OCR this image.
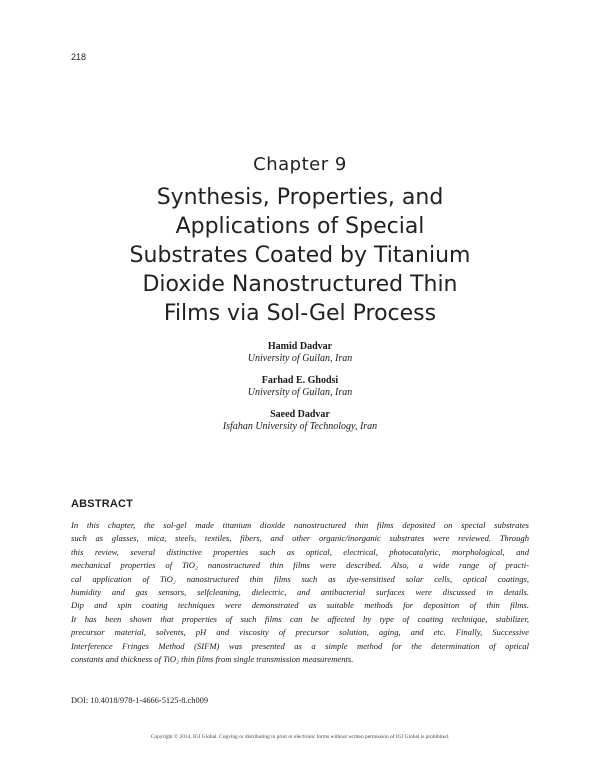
218
Chapter 9
Synthesis, Properties, and
Applications of Special
Substrates Coated by Titanium
Dioxide Nanostructured Thin
Films via Sol-Gel Process
Hamid Dadvar
University of Guilan, Iran
Farhad E. Ghodsi
University of Guilan, Iran
Saeed Dadvar
Isfahan University of Technology, Iran
ABSTRACT

In this chapter, the sol-gel made titanium dioxide nanostructured thin films deposited on special substrates
such as glasses, mica, steels, textiles, fibers, and other organic/inorganic substrates were reviewed. Through
this review, several distinctive properties such as optical, electrical, photocatalytic, morphological, and
mechanical properties of TiO₂ nanostructured thin films were described. Also, a wide range of practi-
cal application of TiO₂ nanostructured thin films such as dye-sensitised solar cells, optical coatings,
humidity and gas sensors, selfcleaning, dielectric, and antibacterial surfaces were discussed in details.
Dip and spin coating techniques were demonstrated as suitable methods for deposition of thin films.
It has been shown that properties of such films can be affected by type of coating technique, stabilizer,
precursor material, solvents, pH and viscosity of precursor solution, aging, and etc. Finally, Successive
Interference Fringes Method (SIFM) was presented as a simple method for the determination of optical
constants and thickness of TiO₂ thin films from single transmission measurements.

DOI: 10.4018/978-1-4666-5125-8.ch009
Copyright © 2014, IGI Global. Copying or distributing in print or electronic forms without written permission of IGI Global is prohibited.
